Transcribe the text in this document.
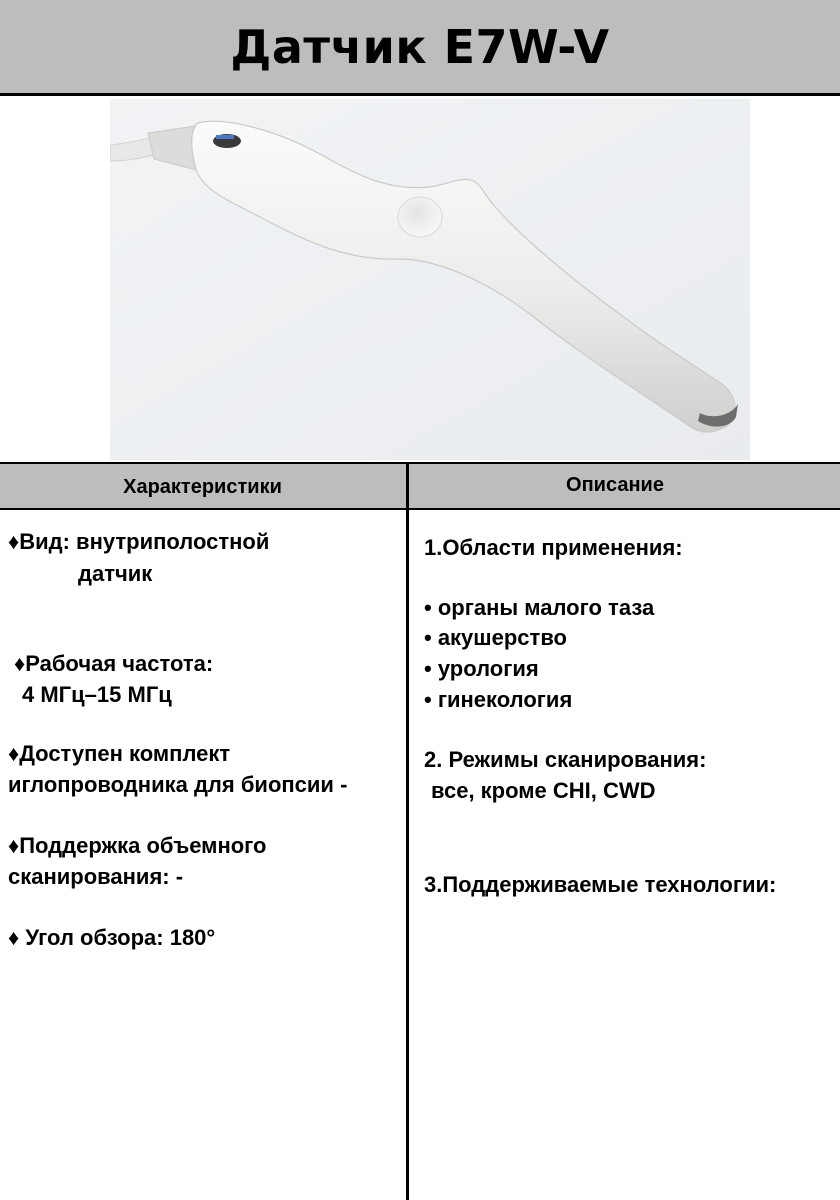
Датчик E7W-V
Характеристики	Описание
♦Вид: внутриполостной
датчик
♦Рабочая частота:
4 МГц–15 МГц
♦Доступен комплект
иглопроводника для биопсии -
♦Поддержка объемного
сканирования: -
♦ Угол обзора: 180°
1.Области применения:
• органы малого таза
• акушерство
• урология
• гинекология
2. Режимы сканирования:
все, кроме CHI, CWD
3.Поддерживаемые технологии:
